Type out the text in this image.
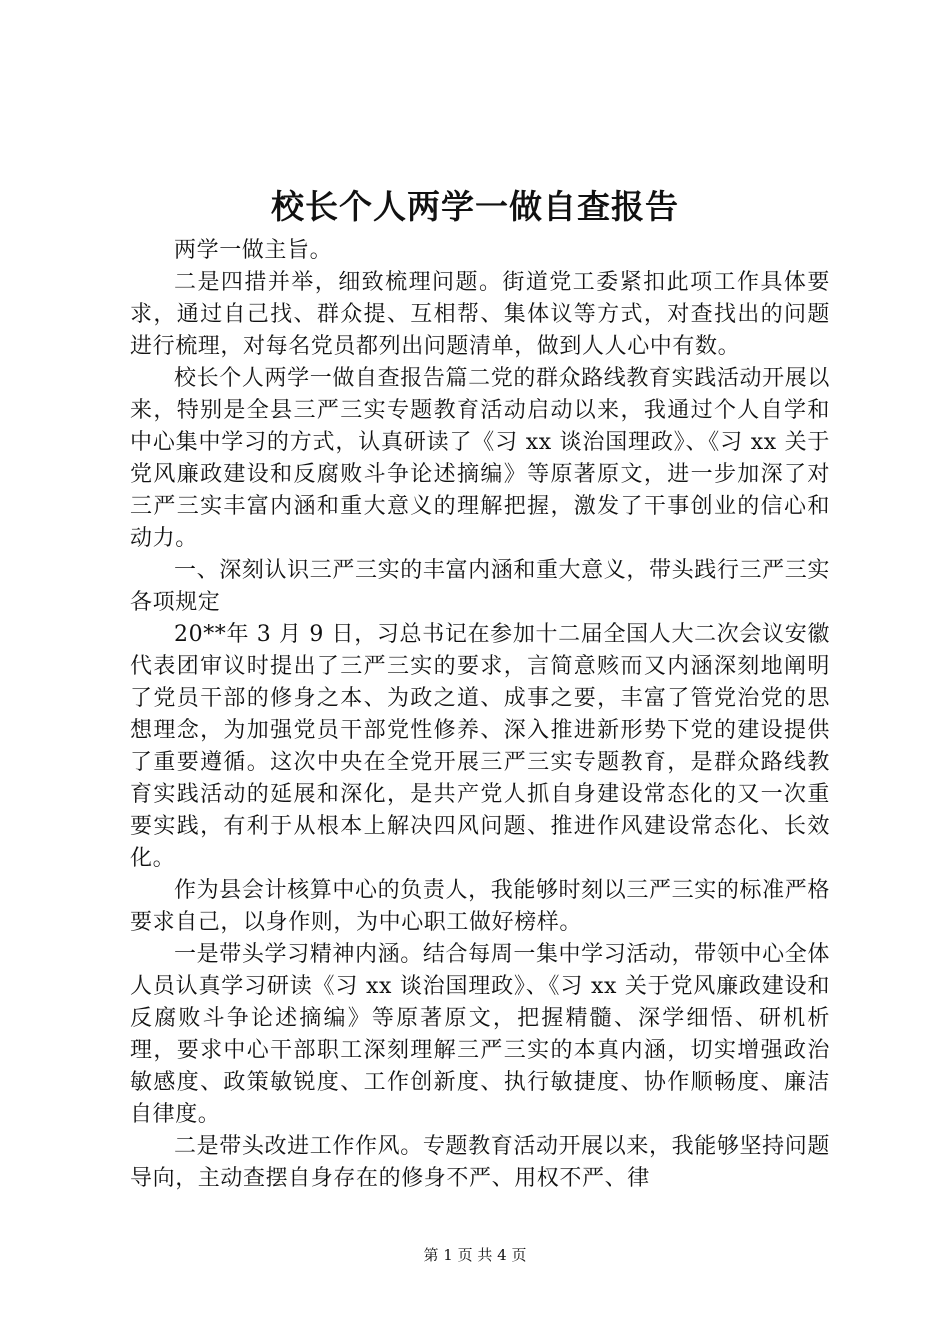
校长个人两学一做自查报告

两学一做主旨。

二是四措并举，细致梳理问题。街道党工委紧扣此项工作具体要求，通过自己找、群众提、互相帮、集体议等方式，对查找出的问题进行梳理，对每名党员都列出问题清单，做到人人心中有数。

校长个人两学一做自查报告篇二党的群众路线教育实践活动开展以来，特别是全县三严三实专题教育活动启动以来，我通过个人自学和中心集中学习的方式，认真研读了《习 xx 谈治国理政》、《习 xx 关于党风廉政建设和反腐败斗争论述摘编》等原著原文，进一步加深了对三严三实丰富内涵和重大意义的理解把握，激发了干事创业的信心和动力。

一、深刻认识三严三实的丰富内涵和重大意义，带头践行三严三实各项规定

20**年 3 月 9 日，习总书记在参加十二届全国人大二次会议安徽代表团审议时提出了三严三实的要求，言简意赅而又内涵深刻地阐明了党员干部的修身之本、为政之道、成事之要，丰富了管党治党的思想理念，为加强党员干部党性修养、深入推进新形势下党的建设提供了重要遵循。这次中央在全党开展三严三实专题教育，是群众路线教育实践活动的延展和深化，是共产党人抓自身建设常态化的又一次重要实践，有利于从根本上解决四风问题、推进作风建设常态化、长效化。

作为县会计核算中心的负责人，我能够时刻以三严三实的标准严格要求自己，以身作则，为中心职工做好榜样。

一是带头学习精神内涵。结合每周一集中学习活动，带领中心全体人员认真学习研读《习 xx 谈治国理政》、《习 xx 关于党风廉政建设和反腐败斗争论述摘编》等原著原文，把握精髓、深学细悟、研机析理，要求中心干部职工深刻理解三严三实的本真内涵，切实增强政治敏感度、政策敏锐度、工作创新度、执行敏捷度、协作顺畅度、廉洁自律度。

二是带头改进工作作风。专题教育活动开展以来，我能够坚持问题导向，主动查摆自身存在的修身不严、用权不严、律

第 1 页 共 4 页
